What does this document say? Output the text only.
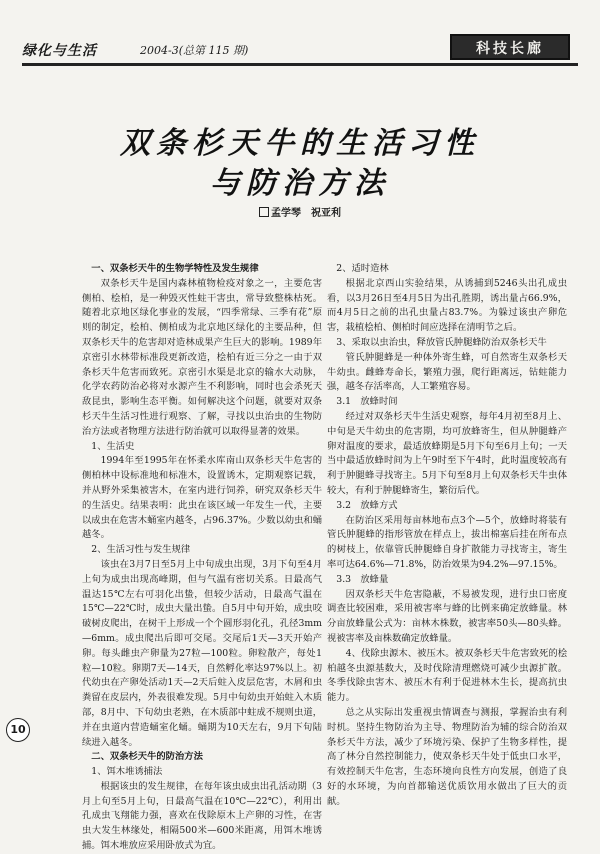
绿化与生活	2004-3(总第 115 期)	科技长廊
双条杉天牛的生活习性
与防治方法
孟学琴　祝亚利

一、双条杉天牛的生物学特性及发生规律

双条杉天牛是国内森林植物检疫对象之一，主要危害侧柏、桧柏，是一种毁灭性蛀干害虫，常导致整株枯死。随着北京地区绿化事业的发展，“四季常绿、三季有花”原则的制定，桧柏、侧柏成为北京地区绿化的主要品种，但双条杉天牛的危害却对造林成果产生巨大的影响。1989年京密引水林带标准段更新改造，桧柏有近三分之一由于双条杉天牛危害而致死。京密引水渠是北京的输水大动脉，化学农药防治必将对水源产生不利影响，同时也会杀死天敌昆虫，影响生态平衡。如何解决这个问题，就要对双条杉天牛生活习性进行观察、了解，寻找以虫治虫的生物防治方法或者物理方法进行防治就可以取得显著的效果。

1、生活史

1994年至1995年在怀柔水库南山双条杉天牛危害的侧柏林中设标准地和标准木，设置诱木，定期观察记载，并从野外采集被害木，在室内进行饲养，研究双条杉天牛的生活史。结果表明：此虫在该区域一年发生一代，主要以成虫在危害木蛹室内越冬，占96.37%。少数以幼虫和蛹越冬。

2、生活习性与发生规律

该虫在3月7日至5月上中旬成虫出现，3月下旬至4月上旬为成虫出现高峰期，但与气温有密切关系。日最高气温达15℃左右可羽化出蛰，但较少活动，日最高气温在15℃—22℃时，成虫大量出蛰。自5月中旬开始，成虫咬破树皮爬出，在树干上形成一个个圆形羽化孔，孔径3mm—6mm。成虫爬出后即可交尾。交尾后1天—3天开始产卵。每头雌虫产卵量为27粒—100粒。卵粒散产，每处1粒—10粒。卵期7天—14天，自然孵化率达97%以上。初代幼虫在产卵处活动1天—2天后蛀入皮层危害，木屑和虫粪留在皮层内，外表很难发现。5月中旬幼虫开始蛀入木质部，8月中、下旬幼虫老熟，在木质部中蛀成不规则虫道，并在虫道内营造蛹室化蛹。蛹期为10天左右，9月下旬陆续进入越冬。

二、双条杉天牛的防治方法

1、饵木堆诱捕法

根据该虫的发生规律，在每年该虫成虫出孔活动期（3月上旬至5月上旬，日最高气温在10℃—22℃），利用出孔成虫飞翔能力强，喜欢在伐除原木上产卵的习性，在害虫大发生林缘处，相隔500米—600米距离，用饵木堆诱捕。饵木堆放应采用卧放式为宜。

2、适时造林

根据北京西山实验结果，从诱捕到5246头出孔成虫看，以3月26日至4月5日为出孔胜期，诱出量占66.9%，而4月5日之前的出孔虫量占83.7%。为躲过该虫产卵危害，栽植桧柏、侧柏时间应选择在清明节之后。

3、采取以虫治虫，释放管氏肿腿蜂防治双条杉天牛

管氏肿腿蜂是一种体外寄生蜂，可自然寄生双条杉天牛幼虫。雌蜂寿命长，繁殖力强，爬行距离远，钻蛀能力强，越冬存活率高，人工繁殖容易。

3.1　放蜂时间

经过对双条杉天牛生活史观察，每年4月初至8月上、中旬是天牛幼虫的危害期，均可放蜂寄生，但从肿腿蜂产卵对温度的要求，最适放蜂期是5月下旬至6月上旬；一天当中最适放蜂时间为上午9时至下午4时，此时温度较高有利于肿腿蜂寻找寄主。5月下旬至8月上旬双条杉天牛虫体较大，有利于肿腿蜂寄生，繁衍后代。

3.2　放蜂方式

在防治区采用每亩林地布点3个—5个，放蜂时将装有管氏肿腿蜂的指形管放在样点上，拔出棉塞后挂在所布点的树枝上，依靠管氏肿腿蜂自身扩散能力寻找寄主，寄生率可达64.6%—71.8%，防治效果为94.2%—97.15%。

3.3　放蜂量

因双条杉天牛危害隐蔽，不易被发现，进行虫口密度调查比较困难，采用被害率与蜂的比例来确定放蜂量。林分亩放蜂量公式为：亩林木株数，被害率50头—80头蜂。视被害率及亩株数确定放蜂量。

4、伐除虫源木、被压木。被双条杉天牛危害致死的桧柏越冬虫源基数大，及时伐除清理燃烧可减少虫源扩散。冬季伐除虫害木、被压木有利于促进林木生长，提高抗虫能力。

总之从实际出发重视虫情调查与测报，掌握治虫有利时机。坚持生物防治为主导、物理防治为辅的综合防治双条杉天牛方法，减少了环境污染、保护了生物多样性，提高了林分自然控制能力，使双条杉天牛处于低虫口水平，有效控制天牛危害，生态环境向良性方向发展，创造了良好的水环境，为向首都输送优质饮用水做出了巨大的贡献。

10
